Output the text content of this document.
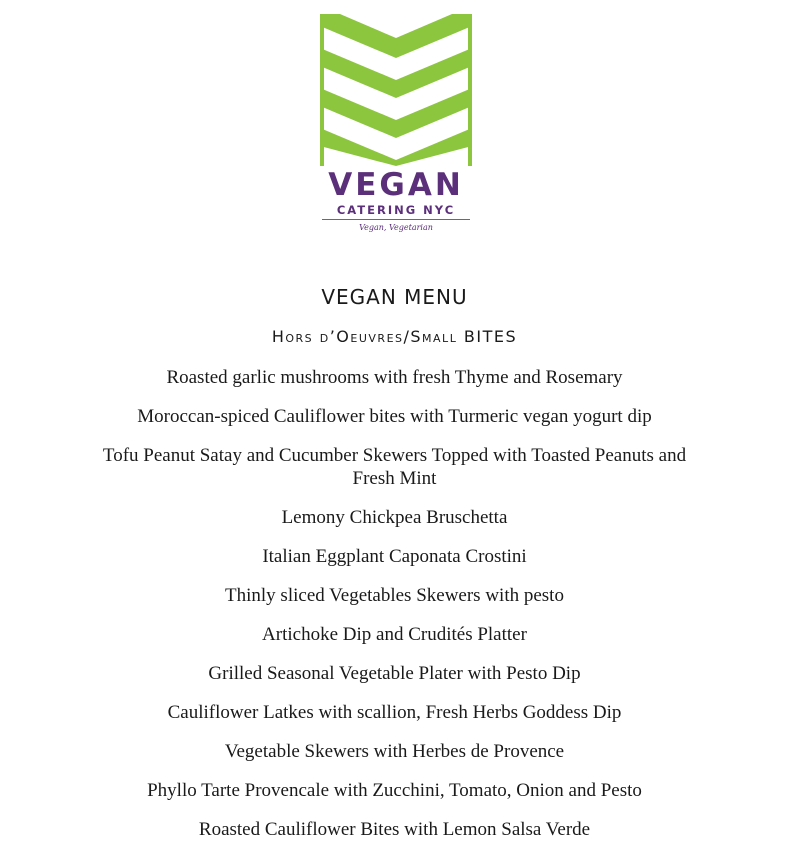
VEGAN
CATERING NYC
Vegan, Vegetarian
VEGAN MENU
Hors d’Oeuvres/Small BITES
Roasted garlic mushrooms with fresh Thyme and Rosemary
Moroccan-spiced Cauliflower bites with Turmeric vegan yogurt dip
Tofu Peanut Satay and Cucumber Skewers Topped with Toasted Peanuts and Fresh Mint
Lemony Chickpea Bruschetta
Italian Eggplant Caponata Crostini
Thinly sliced Vegetables Skewers with pesto
Artichoke Dip and Crudités Platter
Grilled Seasonal Vegetable Plater with Pesto Dip
Cauliflower Latkes with scallion, Fresh Herbs Goddess Dip
Vegetable Skewers with Herbes de Provence
Phyllo Tarte Provencale with Zucchini, Tomato, Onion and Pesto
Roasted Cauliflower Bites with Lemon Salsa Verde
